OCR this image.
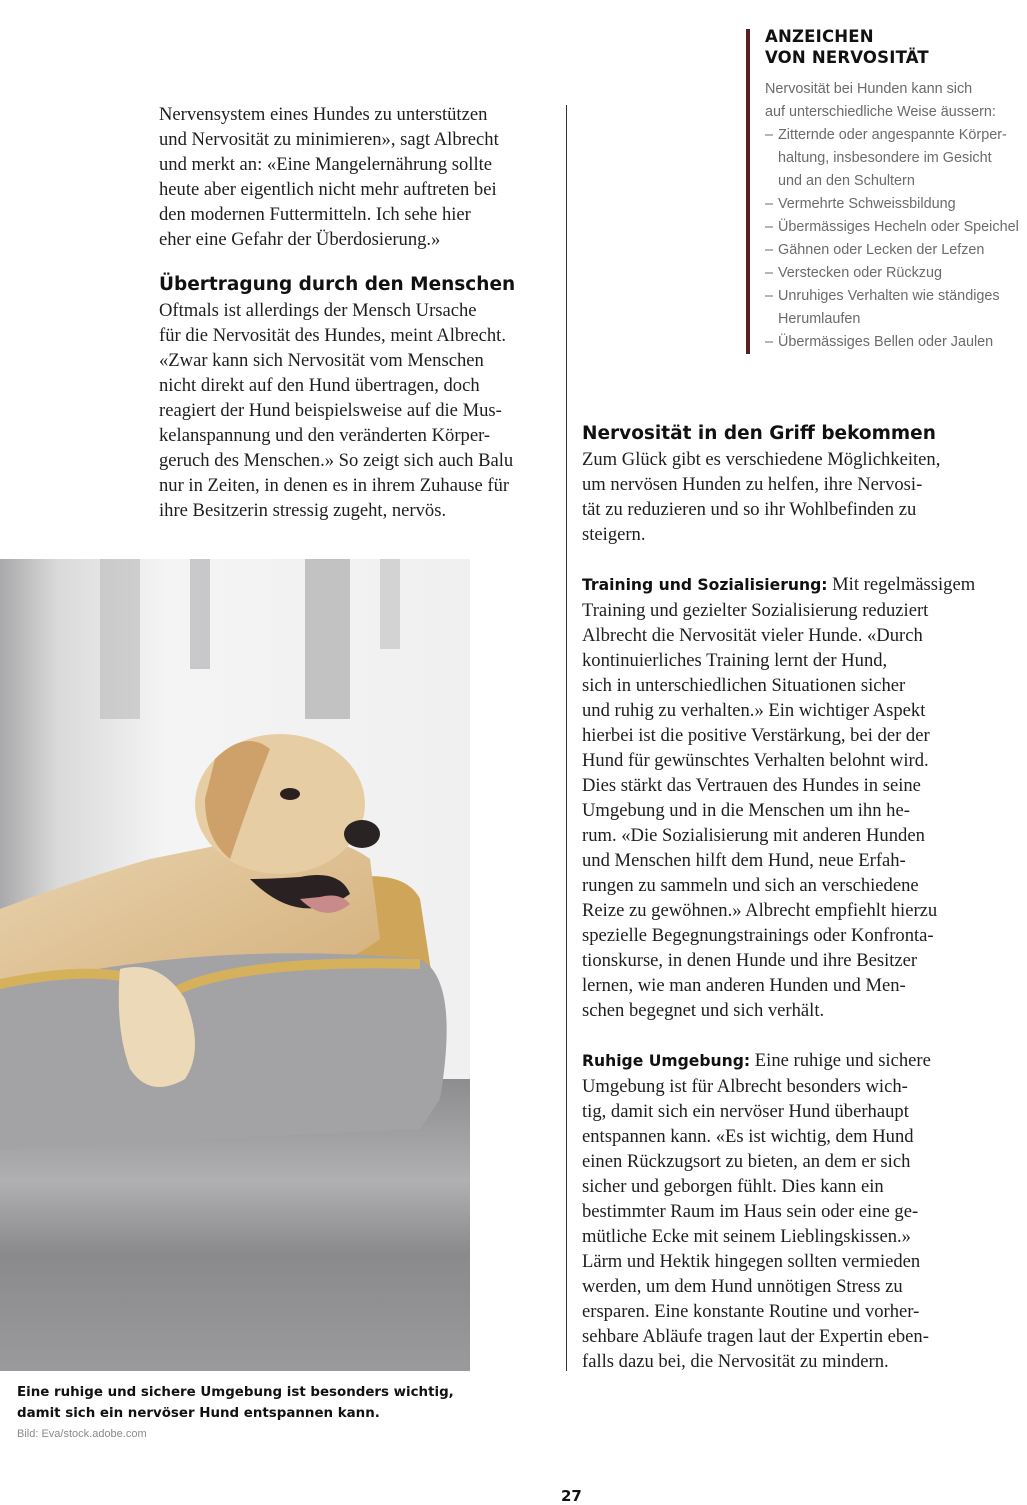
ANZEICHEN
VON NERVOSITÄT
Nervosität bei Hunden kann sich
auf unterschiedliche Weise äussern:
– Zitternde oder angespannte Körper-
haltung, insbesondere im Gesicht
und an den Schultern
– Vermehrte Schweissbildung
– Übermässiges Hecheln oder Speichel
– Gähnen oder Lecken der Lefzen
– Verstecken oder Rückzug
– Unruhiges Verhalten wie ständiges
Herumlaufen
– Übermässiges Bellen oder Jaulen

Nervensystem eines Hundes zu unterstützen
und Nervosität zu minimieren», sagt Albrecht
und merkt an: «Eine Mangelernährung sollte
heute aber eigentlich nicht mehr auftreten bei
den modernen Futtermitteln. Ich sehe hier
eher eine Gefahr der Überdosierung.»

Übertragung durch den Menschen

Oftmals ist allerdings der Mensch Ursache
für die Nervosität des Hundes, meint Albrecht.
«Zwar kann sich Nervosität vom Menschen
nicht direkt auf den Hund übertragen, doch
reagiert der Hund beispielsweise auf die Mus-
kelanspannung und den veränderten Körper-
geruch des Menschen.» So zeigt sich auch Balu
nur in Zeiten, in denen es in ihrem Zuhause für
ihre Besitzerin stressig zugeht, nervös.

Nervosität in den Griff bekommen

Zum Glück gibt es verschiedene Möglichkeiten,
um nervösen Hunden zu helfen, ihre Nervosi-
tät zu reduzieren und so ihr Wohlbefinden zu
steigern.

Training und Sozialisierung: Mit regelmässigem
Training und gezielter Sozialisierung reduziert
Albrecht die Nervosität vieler Hunde. «Durch
kontinuierliches Training lernt der Hund,
sich in unterschiedlichen Situationen sicher
und ruhig zu verhalten.» Ein wichtiger Aspekt
hierbei ist die positive Verstärkung, bei der der
Hund für gewünschtes Verhalten belohnt wird.
Dies stärkt das Vertrauen des Hundes in seine
Umgebung und in die Menschen um ihn he-
rum. «Die Sozialisierung mit anderen Hunden
und Menschen hilft dem Hund, neue Erfah-
rungen zu sammeln und sich an verschiedene
Reize zu gewöhnen.» Albrecht empfiehlt hierzu
spezielle Begegnungstrainings oder Konfronta-
tionskurse, in denen Hunde und ihre Besitzer
lernen, wie man anderen Hunden und Men-
schen begegnet und sich verhält.

Ruhige Umgebung: Eine ruhige und sichere
Umgebung ist für Albrecht besonders wich-
tig, damit sich ein nervöser Hund überhaupt
entspannen kann. «Es ist wichtig, dem Hund
einen Rückzugsort zu bieten, an dem er sich
sicher und geborgen fühlt. Dies kann ein
bestimmter Raum im Haus sein oder eine ge-
mütliche Ecke mit seinem Lieblingskissen.»
Lärm und Hektik hingegen sollten vermieden
werden, um dem Hund unnötigen Stress zu
ersparen. Eine konstante Routine und vorher-
sehbare Abläufe tragen laut der Expertin eben-
falls dazu bei, die Nervosität zu mindern.

Eine ruhige und sichere Umgebung ist besonders wichtig,
damit sich ein nervöser Hund entspannen kann.
Bild: Eva/stock.adobe.com
27
